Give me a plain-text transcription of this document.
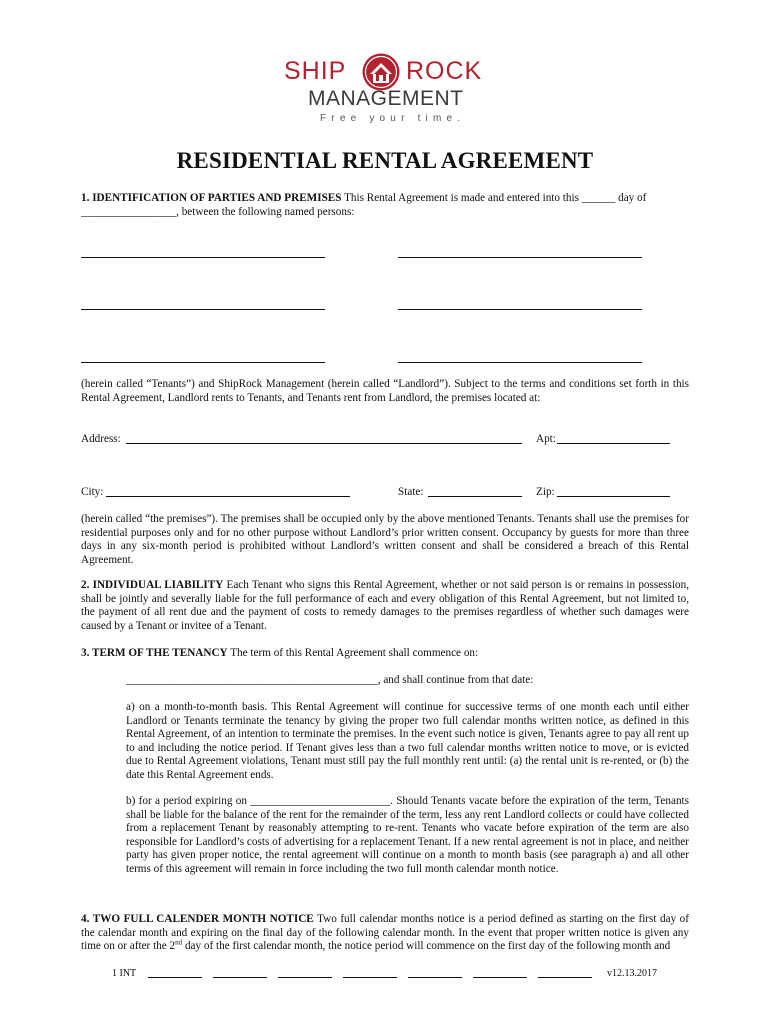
SHIP ROCK
MANAGEMENT
Free your time.
RESIDENTIAL RENTAL AGREEMENT
1. IDENTIFICATION OF PARTIES AND PREMISES This Rental Agreement is made and entered into this ______ day of
_________________, between the following named persons:
(herein called “Tenants”) and ShipRock Management (herein called “Landlord”). Subject to the terms and conditions set forth in this Rental Agreement, Landlord rents to Tenants, and Tenants rent from Landlord, the premises located at:
Address:	Apt:
City:	State:	Zip:
(herein called “the premises”). The premises shall be occupied only by the above mentioned Tenants. Tenants shall use the premises for residential purposes only and for no other purpose without Landlord’s prior written consent. Occupancy by guests for more than three days in any six-month period is prohibited without Landlord’s written consent and shall be considered a breach of this Rental Agreement.
2. INDIVIDUAL LIABILITY Each Tenant who signs this Rental Agreement, whether or not said person is or remains in possession, shall be jointly and severally liable for the full performance of each and every obligation of this Rental Agreement, but not limited to, the payment of all rent due and the payment of costs to remedy damages to the premises regardless of whether such damages were caused by a Tenant or invitee of a Tenant.
3. TERM OF THE TENANCY The term of this Rental Agreement shall commence on:
_____________________________________________, and shall continue from that date:
a) on a month-to-month basis. This Rental Agreement will continue for successive terms of one month each until either Landlord or Tenants terminate the tenancy by giving the proper two full calendar months written notice, as defined in this Rental Agreement, of an intention to terminate the premises. In the event such notice is given, Tenants agree to pay all rent up to and including the notice period. If Tenant gives less than a two full calendar months written notice to move, or is evicted due to Rental Agreement violations, Tenant must still pay the full monthly rent until: (a) the rental unit is re-rented, or (b) the date this Rental Agreement ends.
b) for a period expiring on _________________________. Should Tenants vacate before the expiration of the term, Tenants shall be liable for the balance of the rent for the remainder of the term, less any rent Landlord collects or could have collected from a replacement Tenant by reasonably attempting to re-rent. Tenants who vacate before expiration of the term are also responsible for Landlord’s costs of advertising for a replacement Tenant. If a new rental agreement is not in place, and neither party has given proper notice, the rental agreement will continue on a month to month basis (see paragraph a) and all other terms of this agreement will remain in force including the two full month calendar month notice.
4. TWO FULL CALENDER MONTH NOTICE Two full calendar months notice is a period defined as starting on the first day of the calendar month and expiring on the final day of the following calendar month. In the event that proper written notice is given any time on or after the 2nd day of the first calendar month, the notice period will commence on the first day of the following month and
1 INT	v12.13.2017
